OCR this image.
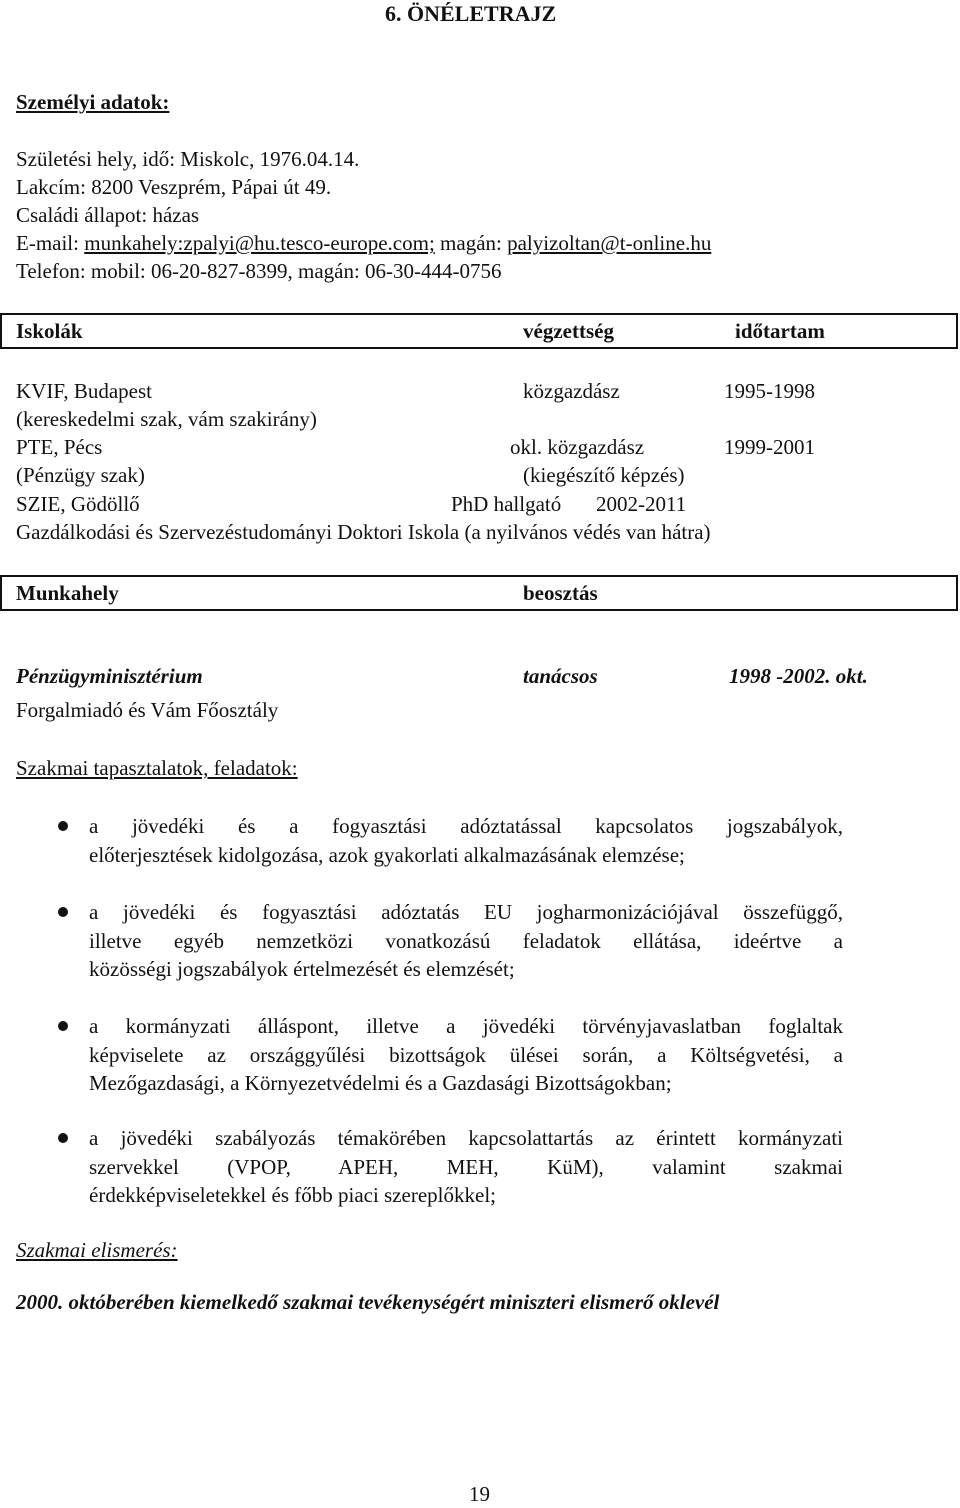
6. ÖNÉLETRAJZ
Személyi adatok:
Születési hely, idő: Miskolc, 1976.04.14.
Lakcím: 8200 Veszprém, Pápai út 49.
Családi állapot: házas
E-mail: munkahely:zpalyi@hu.tesco-europe.com; magán: palyizoltan@t-online.hu
Telefon: mobil: 06-20-827-8399, magán: 06-30-444-0756
Iskolák	végzettség	időtartam
KVIF, Budapest	közgazdász	1995-1998
(kereskedelmi szak, vám szakirány)
PTE, Pécs	okl. közgazdász	1999-2001
(Pénzügy szak)	(kiegészítő képzés)
SZIE, Gödöllő	PhD hallgató 2002-2011
Gazdálkodási és Szervezéstudományi Doktori Iskola (a nyilvános védés van hátra)
Munkahely	beosztás
Pénzügyminisztérium	tanácsos	1998 -2002. okt.
Forgalmiadó és Vám Főosztály
Szakmai tapasztalatok, feladatok:
a jövedéki és a fogyasztási adóztatással kapcsolatos jogszabályok,
előterjesztések kidolgozása, azok gyakorlati alkalmazásának elemzése;
a jövedéki és fogyasztási adóztatás EU jogharmonizációjával összefüggő,
illetve egyéb nemzetközi vonatkozású feladatok ellátása, ideértve a
közösségi jogszabályok értelmezését és elemzését;
a kormányzati álláspont, illetve a jövedéki törvényjavaslatban foglaltak
képviselete az országgyűlési bizottságok ülései során, a Költségvetési, a
Mezőgazdasági, a Környezetvédelmi és a Gazdasági Bizottságokban;
a jövedéki szabályozás témakörében kapcsolattartás az érintett kormányzati
szervekkel (VPOP, APEH, MEH, KüM), valamint szakmai
érdekképviseletekkel és főbb piaci szereplőkkel;
Szakmai elismerés:
2000. októberében kiemelkedő szakmai tevékenységért miniszteri elismerő oklevél
19
